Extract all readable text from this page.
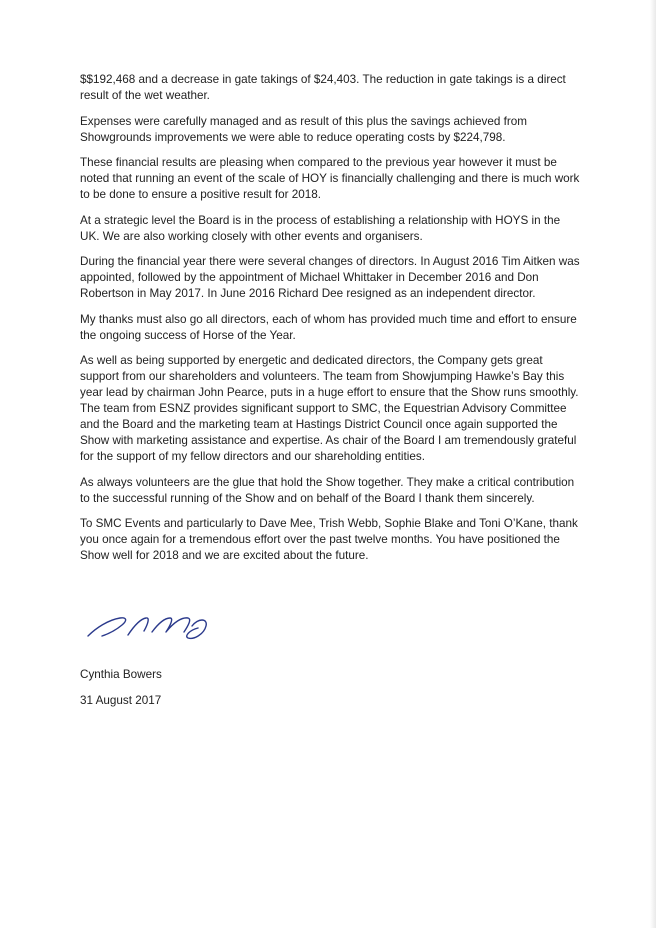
$$192,468 and a decrease in gate takings of $24,403. The reduction in gate takings is a direct result of the wet weather.

Expenses were carefully managed and as result of this plus the savings achieved from Showgrounds improvements we were able to reduce operating costs by $224,798.

These financial results are pleasing when compared to the previous year however it must be noted that running an event of the scale of HOY is financially challenging and there is much work to be done to ensure a positive result for 2018.

At a strategic level the Board is in the process of establishing a relationship with HOYS in the UK. We are also working closely with other events and organisers.

During the financial year there were several changes of directors. In August 2016 Tim Aitken was appointed, followed by the appointment of Michael Whittaker in December 2016 and Don Robertson in May 2017. In June 2016 Richard Dee resigned as an independent director.

My thanks must also go all directors, each of whom has provided much time and effort to ensure the ongoing success of Horse of the Year.

As well as being supported by energetic and dedicated directors, the Company gets great support from our shareholders and volunteers. The team from Showjumping Hawke’s Bay this year lead by chairman John Pearce, puts in a huge effort to ensure that the Show runs smoothly. The team from ESNZ provides significant support to SMC, the Equestrian Advisory Committee and the Board and the marketing team at Hastings District Council once again supported the Show with marketing assistance and expertise. As chair of the Board I am tremendously grateful for the support of my fellow directors and our shareholding entities.

As always volunteers are the glue that hold the Show together. They make a critical contribution to the successful running of the Show and on behalf of the Board I thank them sincerely.

To SMC Events and particularly to Dave Mee, Trish Webb, Sophie Blake and Toni O’Kane, thank you once again for a tremendous effort over the past twelve months. You have positioned the Show well for 2018 and we are excited about the future.

Cynthia Bowers
31 August 2017
